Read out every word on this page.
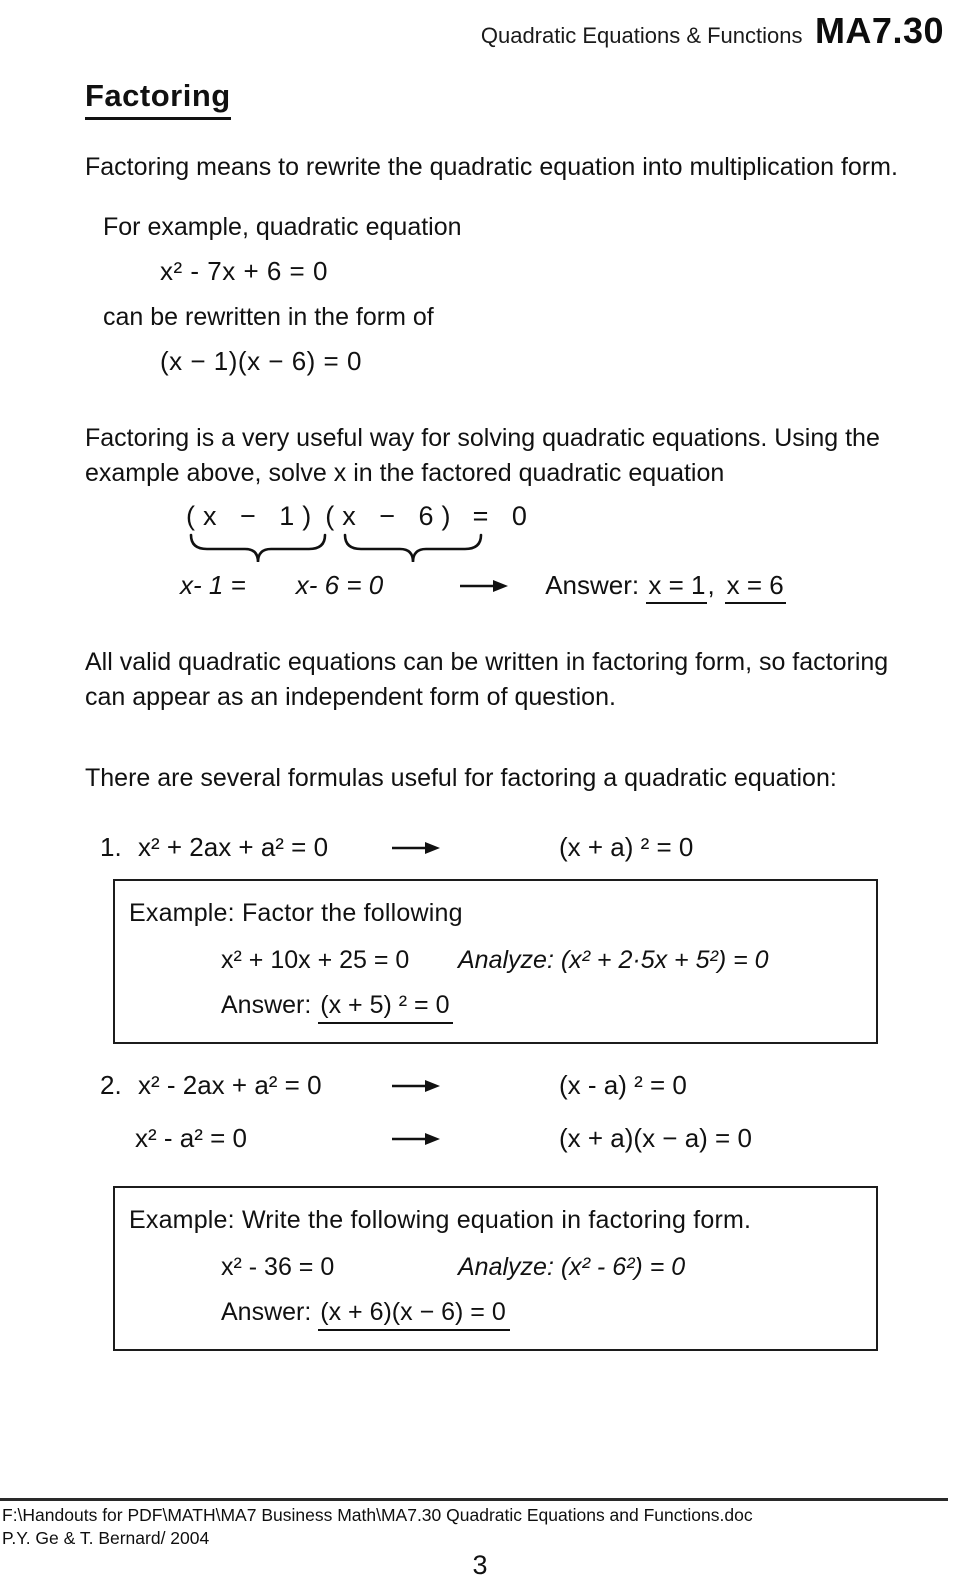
Quadratic Equations & Functions MA7.30
Factoring

Factoring means to rewrite the quadratic equation into multiplication form.

For example, quadratic equation
x² - 7x + 6 = 0
can be rewritten in the form of
(x − 1)(x − 6) = 0

Factoring is a very useful way for solving quadratic equations. Using the
example above, solve x in the factored quadratic equation

(x − 1) (x − 6) = 0

x- 1 = x- 6 = 0	Answer: x = 1, x = 6

All valid quadratic equations can be written in factoring form, so factoring
can appear as an independent form of question.

There are several formulas useful for factoring a quadratic equation:

1. x² + 2ax + a² = 0	(x + a) ² = 0
Example: Factor the following
x² + 10x + 25 = 0 Analyze: (x² + 2·5x + 5²) = 0
Answer: (x + 5) ² = 0
2. x² - 2ax + a² = 0	(x - a) ² = 0
x² - a² = 0	(x + a)(x − a) = 0
Example: Write the following equation in factoring form.
x² - 36 = 0	Analyze: (x² - 6²) = 0
Answer: (x + 6)(x − 6) = 0
F:\Handouts for PDF\MATH\MA7 Business Math\MA7.30 Quadratic Equations and Functions.doc
P.Y. Ge & T. Bernard/ 2004
3
